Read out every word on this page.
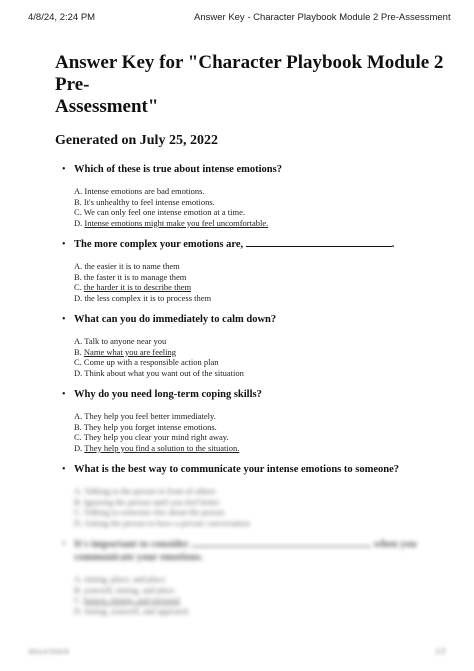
4/8/24, 2:24 PM	Answer Key - Character Playbook Module 2 Pre-Assessment
Answer Key for "Character Playbook Module 2 Pre-
Assessment"
Generated on July 25, 2022
• Which of these is true about intense emotions?
A. Intense emotions are bad emotions.
B. It's unhealthy to feel intense emotions.
C. We can only feel one intense emotion at a time.
D. Intense emotions might make you feel uncomfortable.
• The more complex your emotions are,	.
A. the easier it is to name them
B. the faster it is to manage them
C. the harder it is to describe them
D. the less complex it is to process them
• What can you do immediately to calm down?
A. Talk to anyone near you
B. Name what you are feeling
C. Come up with a responsible action plan
D. Think about what you want out of the situation
• Why do you need long-term coping skills?
A. They help you feel better immediately.
B. They help you forget intense emotions.
C. They help you clear your mind right away.
D. They help you find a solution to the situation.
• What is the best way to communicate your intense emotions to someone?
A. Talking to the person in front of others
B. Ignoring the person until you feel better
C. Talking to someone else about the person
D. Asking the person to have a private conversation
• It's important to consider	when you communicate your emotions.
A. timing, place, and place
B. yourself, timing, and place
C. honest, timing, and personal
D. timing, yourself, and approach
about:blank	1/2
